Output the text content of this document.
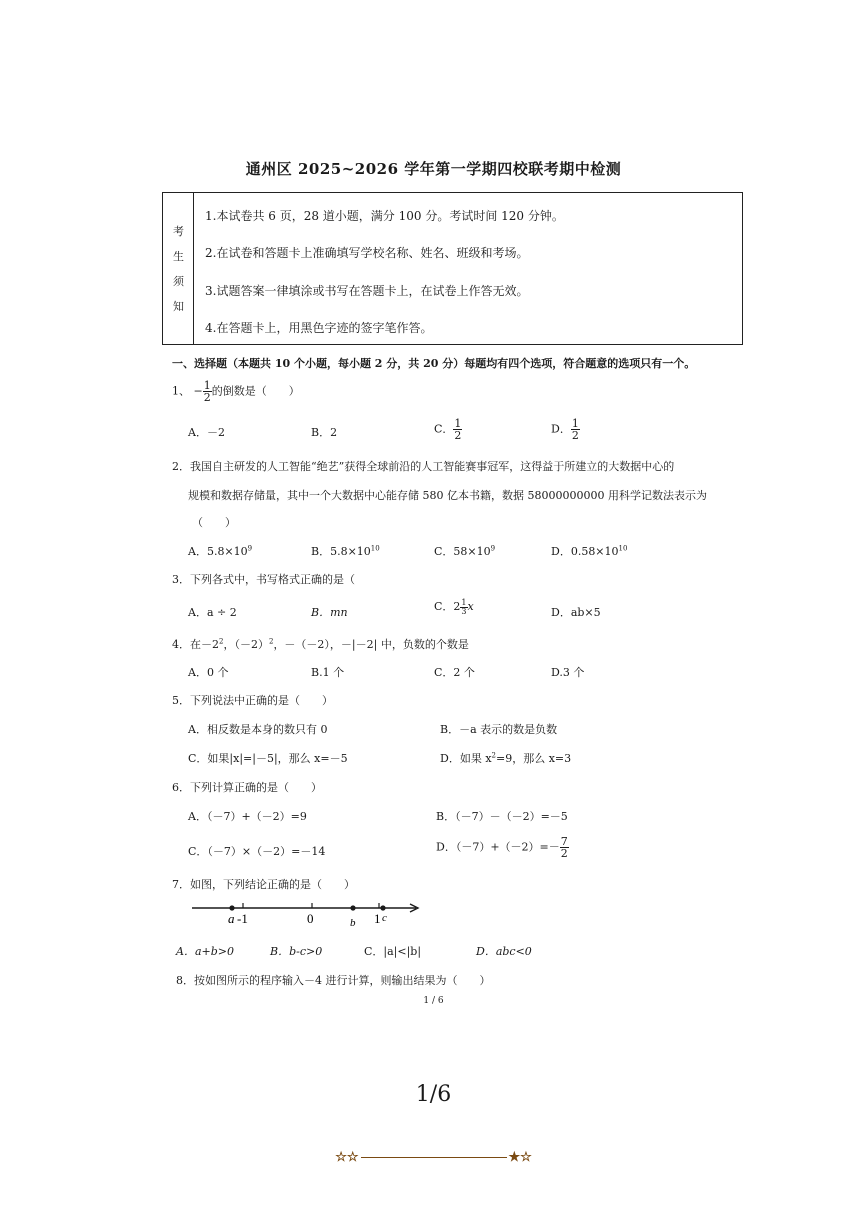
通州区 2025~2026 学年第一学期四校联考期中检测
考
生
须
知
1.本试卷共 6 页，28 道小题，满分 100 分。考试时间 120 分钟。
2.在试卷和答题卡上准确填写学校名称、姓名、班级和考场。
3.试题答案一律填涂或书写在答题卡上，在试卷上作答无效。
4.在答题卡上，用黑色字迹的签字笔作答。
一、选择题（本题共 10 个小题，每小题 2 分，共 20 分）每题均有四个选项，符合题意的选项只有一个。
1、 − $\frac{1}{2}$ 的倒数是（　　）
A．－2	B．2	C． $\frac{1}{2}$	D． $\frac{1}{2}$
2．我国自主研发的人工智能“绝艺”获得全球前沿的人工智能赛事冠军，这得益于所建立的大数据中心的
规模和数据存储量，其中一个大数据中心能存储 580 亿本书籍，数据 58000000000 用科学记数法表示为
（　　）
A．$5.8\times 10^9$	B．$5.8\times 10^{10}$	C．$58\times 10^9$	D．$0.58\times 10^{10}$
3．下列各式中，书写格式正确的是（
A．a ÷ 2	B．mn	C．$2 \frac{1}{3}$ x	D．ab×5
4．在$-2^2$，$(-2)^2$，－（－2），－|－2| 中，负数的个数是
A．0 个	B.1 个	C．2 个	D.3 个
5．下列说法中正确的是（　　）
A．相反数是本身的数只有 0	B．－a 表示的数是负数
C．如果|x|=|－5|，那么 x=－5	D．如果 $x^2=9$，那么 x=3
6．下列计算正确的是（　　）
A．（－7）+（－2）=9	B．（－7）－（－2）=－5
C．（－7）×（－2）=－14	D．$(-7)+(-2)=- \frac{7}{2}$
7．如图，下列结论正确的是（　　）
a -1	0	b 1 c
A．a+b>0	B．b-c>0	C．|a|<|b|	D．abc<0
8．按如图所示的程序输入－4 进行计算，则输出结果为（　　）
1 / 6
1/6
☆☆	★☆
